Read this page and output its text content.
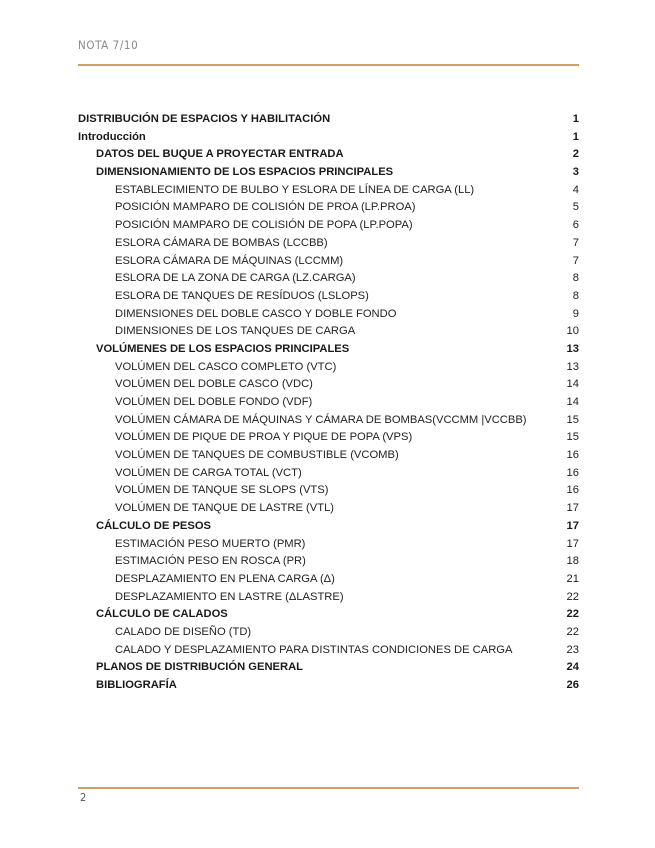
NOTA 7/10
DISTRIBUCIÓN DE ESPACIOS Y HABILITACIÓN	1
Introducción	1
DATOS DEL BUQUE A PROYECTAR ENTRADA	2
DIMENSIONAMIENTO DE LOS ESPACIOS PRINCIPALES	3
ESTABLECIMIENTO DE BULBO Y ESLORA DE LÍNEA DE CARGA (LL)	4
POSICIÓN MAMPARO DE COLISIÓN DE PROA (LP.PROA)	5
POSICIÓN MAMPARO DE COLISIÓN DE POPA (LP.POPA)	6
ESLORA CÁMARA DE BOMBAS (LCCBB)	7
ESLORA CÁMARA DE MÁQUINAS (LCCMM)	7
ESLORA DE LA ZONA DE CARGA (LZ.CARGA)	8
ESLORA DE TANQUES DE RESÍDUOS (LSLOPS)	8
DIMENSIONES DEL DOBLE CASCO Y DOBLE FONDO	9
DIMENSIONES DE LOS TANQUES DE CARGA	10
VOLÚMENES DE LOS ESPACIOS PRINCIPALES	13
VOLÚMEN DEL CASCO COMPLETO (VTC)	13
VOLÚMEN DEL DOBLE CASCO (VDC)	14
VOLÚMEN DEL DOBLE FONDO (VDF)	14
VOLÚMEN CÁMARA DE MÁQUINAS Y CÁMARA DE BOMBAS(VCCMM |VCCBB)	15
VOLÚMEN DE PIQUE DE PROA Y PIQUE DE POPA (VPS)	15
VOLÚMEN DE TANQUES DE COMBUSTIBLE (VCOMB)	16
VOLÚMEN DE CARGA TOTAL (VCT)	16
VOLÚMEN DE TANQUE SE SLOPS (VTS)	16
VOLÚMEN DE TANQUE DE LASTRE (VTL)	17
CÁLCULO DE PESOS	17
ESTIMACIÓN PESO MUERTO (PMR)	17
ESTIMACIÓN PESO EN ROSCA (PR)	18
DESPLAZAMIENTO EN PLENA CARGA (Δ)	21
DESPLAZAMIENTO EN LASTRE (ΔLASTRE)	22
CÁLCULO DE CALADOS	22
CALADO DE DISEÑO (TD)	22
CALADO Y DESPLAZAMIENTO PARA DISTINTAS CONDICIONES DE CARGA	23
PLANOS DE DISTRIBUCIÓN GENERAL	24
BIBLIOGRAFÍA	26
2
